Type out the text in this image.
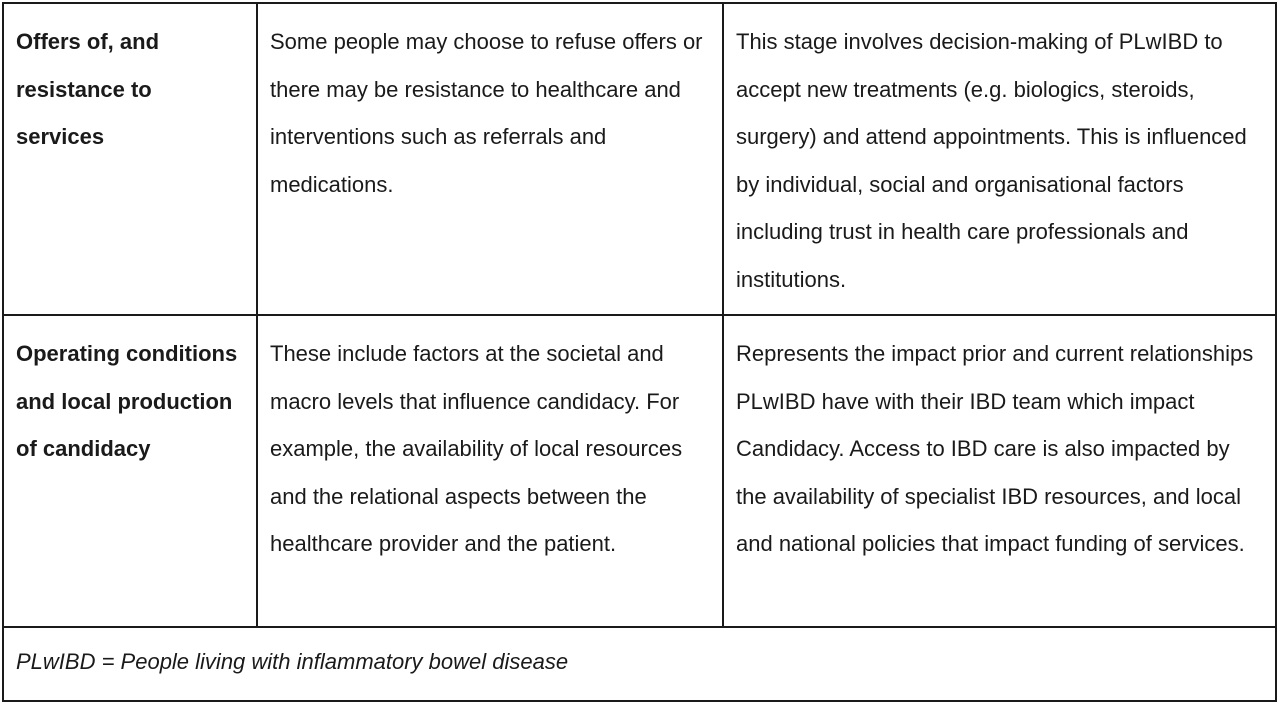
Offers of, and resistance to services
Some people may choose to refuse offers or there may be resistance to healthcare and interventions such as referrals and medications.
This stage involves decision-making of PLwIBD to accept new treatments (e.g. biologics, steroids, surgery) and attend appointments. This is influenced by individual, social and organisational factors including trust in health care professionals and institutions.
Operating conditions and local production of candidacy
These include factors at the societal and macro levels that influence candidacy. For example, the availability of local resources and the relational aspects between the healthcare provider and the patient.
Represents the impact prior and current relationships PLwIBD have with their IBD team which impact Candidacy. Access to IBD care is also impacted by the availability of specialist IBD resources, and local and national policies that impact funding of services.
PLwIBD = People living with inflammatory bowel disease
